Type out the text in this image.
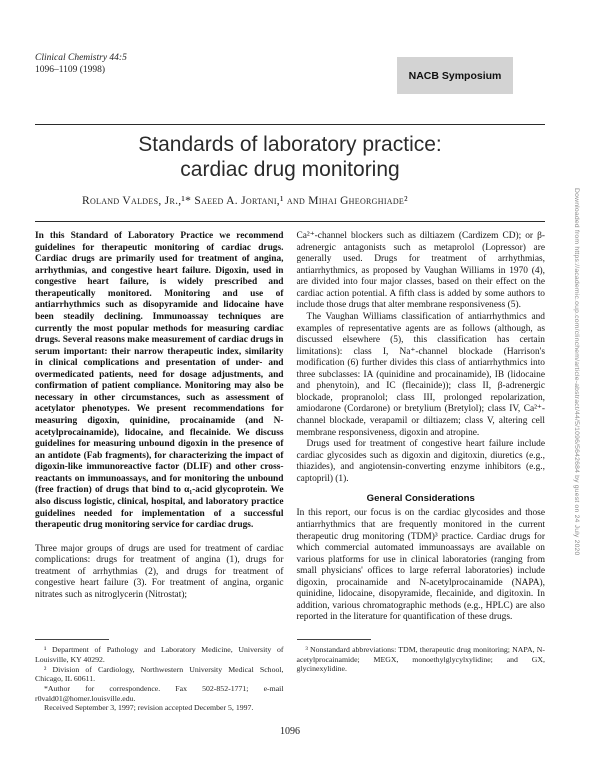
Clinical Chemistry 44:5
1096–1109 (1998)	NACB Symposium
Standards of laboratory practice:
cardiac drug monitoring
Roland Valdes, Jr.,¹* Saeed A. Jortani,¹ and Mihai Gheorghiade²

In this Standard of Laboratory Practice we recommend guidelines for therapeutic monitoring of cardiac drugs. Cardiac drugs are primarily used for treatment of angina, arrhythmias, and congestive heart failure. Digoxin, used in congestive heart failure, is widely prescribed and therapeutically monitored. Monitoring and use of antiarrhythmics such as disopyramide and lidocaine have been steadily declining. Immunoassay techniques are currently the most popular methods for measuring cardiac drugs. Several reasons make measurement of cardiac drugs in serum important: their narrow therapeutic index, similarity in clinical complications and presentation of under- and overmedicated patients, need for dosage adjustments, and confirmation of patient compliance. Monitoring may also be necessary in other circumstances, such as assessment of acetylator phenotypes. We present recommendations for measuring digoxin, quinidine, procainamide (and N-acetylprocainamide), lidocaine, and flecainide. We discuss guidelines for measuring unbound digoxin in the presence of an antidote (Fab fragments), for characterizing the impact of digoxin-like immunoreactive factor (DLIF) and other cross-reactants on immunoassays, and for monitoring the unbound (free fraction) of drugs that bind to α₁-acid glycoprotein. We also discuss logistic, clinical, hospital, and laboratory practice guidelines needed for implementation of a successful therapeutic drug monitoring service for cardiac drugs.

Three major groups of drugs are used for treatment of cardiac complications: drugs for treatment of angina (1), drugs for treatment of arrhythmias (2), and drugs for treatment of congestive heart failure (3). For treatment of angina, organic nitrates such as nitroglycerin (Nitrostat);

¹ Department of Pathology and Laboratory Medicine, University of Louisville, KY 40292.

² Division of Cardiology, Northwestern University Medical School, Chicago, IL 60611.

*Author for correspondence. Fax 502-852-1771; e-mail r0vald01@homer.louisville.edu.

Received September 3, 1997; revision accepted December 5, 1997.

Ca²⁺-channel blockers such as diltiazem (Cardizem CD); or β-adrenergic antagonists such as metaprolol (Lopressor) are generally used. Drugs for treatment of arrhythmias, antiarrhythmics, as proposed by Vaughan Williams in 1970 (4), are divided into four major classes, based on their effect on the cardiac action potential. A fifth class is added by some authors to include those drugs that alter membrane responsiveness (5).

The Vaughan Williams classification of antiarrhythmics and examples of representative agents are as follows (although, as discussed elsewhere (5), this classification has certain limitations): class I, Na⁺-channel blockade (Harrison's modification (6) further divides this class of antiarrhythmics into three subclasses: IA (quinidine and procainamide), IB (lidocaine and phenytoin), and IC (flecainide)); class II, β-adrenergic blockade, propranolol; class III, prolonged repolarization, amiodarone (Cordarone) or bretylium (Bretylol); class IV, Ca²⁺-channel blockade, verapamil or diltiazem; class V, altering cell membrane responsiveness, digoxin and atropine.

Drugs used for treatment of congestive heart failure include cardiac glycosides such as digoxin and digitoxin, diuretics (e.g., thiazides), and angiotensin-converting enzyme inhibitors (e.g., captopril) (1).

General Considerations

In this report, our focus is on the cardiac glycosides and those antiarrhythmics that are frequently monitored in the current therapeutic drug monitoring (TDM)³ practice. Cardiac drugs for which commercial automated immunoassays are available on various platforms for use in clinical laboratories (ranging from small physicians' offices to large referral laboratories) include digoxin, procainamide and N-acetylprocainamide (NAPA), quinidine, lidocaine, disopyramide, flecainide, and digitoxin. In addition, various chromatographic methods (e.g., HPLC) are also reported in the literature for quantification of these drugs.

³ Nonstandard abbreviations: TDM, therapeutic drug monitoring; NAPA, N-acetylprocainamide; MEGX, monoethylglycylxylidine; and GX, glycinexylidine.

1096
Downloaded from https://academic.oup.com/clinchem/article-abstract/44/5/1096/5642684 by guest on 24 July 2020
